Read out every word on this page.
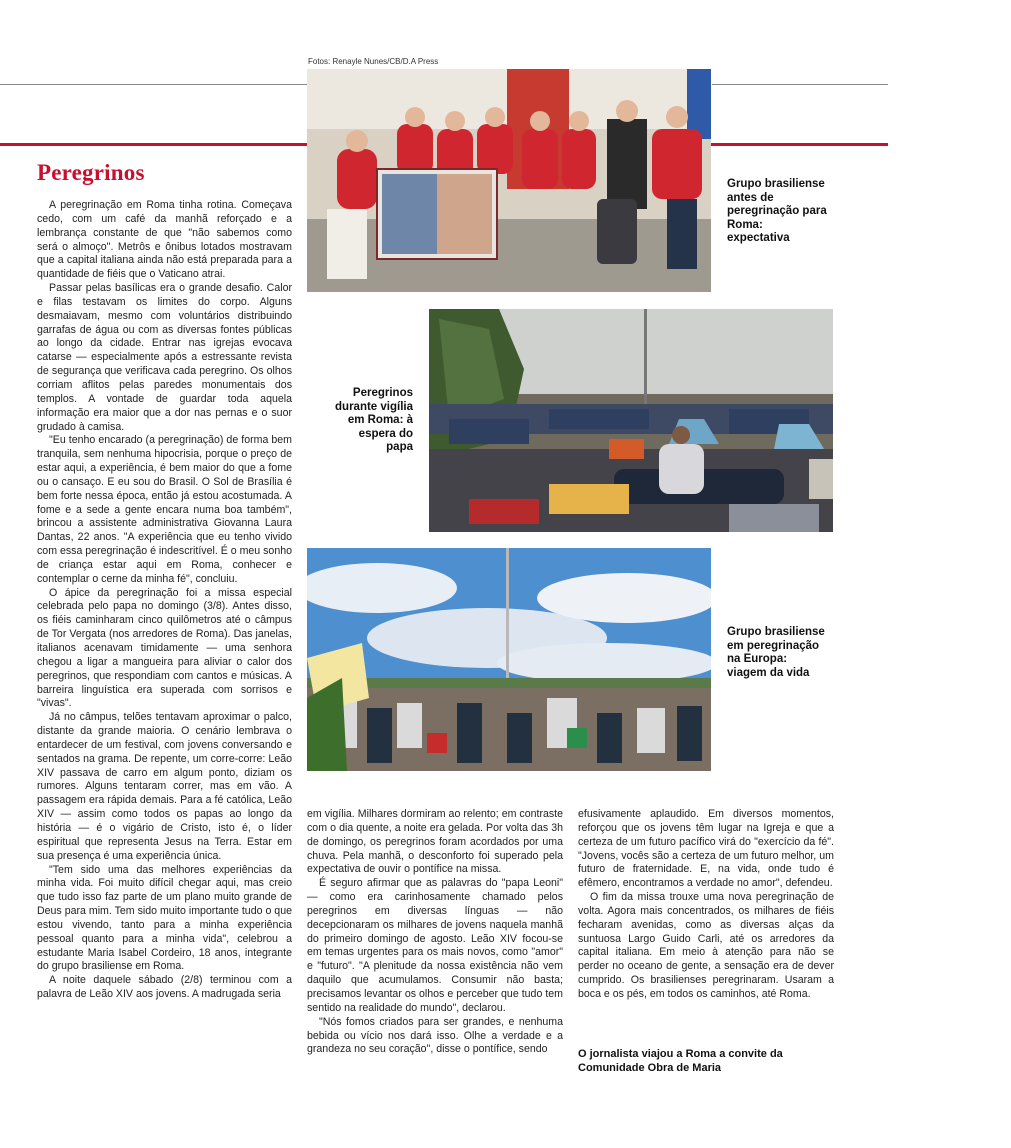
Fotos: Renayle Nunes/CB/D.A Press
Grupo brasiliense antes de peregrinação para Roma: expectativa
Peregrinos durante vigília em Roma: à espera do papa
Grupo brasiliense em peregrinação na Europa: viagem da vida
Peregrinos

A peregrinação em Roma tinha rotina. Começava cedo, com um café da manhã reforçado e a lembrança constante de que "não sabemos como será o almoço". Metrôs e ônibus lotados mostravam que a capital italiana ainda não está preparada para a quantidade de fiéis que o Vaticano atrai.

Passar pelas basílicas era o grande desafio. Calor e filas testavam os limites do corpo. Alguns desmaiavam, mesmo com voluntários distribuindo garrafas de água ou com as diversas fontes públicas ao longo da cidade. Entrar nas igrejas evocava catarse — especialmente após a estressante revista de segurança que verificava cada peregrino. Os olhos corriam aflitos pelas paredes monumentais dos templos. A vontade de guardar toda aquela informação era maior que a dor nas pernas e o suor grudado à camisa.

"Eu tenho encarado (a peregrinação) de forma bem tranquila, sem nenhuma hipocrisia, porque o preço de estar aqui, a experiência, é bem maior do que a fome ou o cansaço. E eu sou do Brasil. O Sol de Brasília é bem forte nessa época, então já estou acostumada. A fome e a sede a gente encara numa boa também", brincou a assistente administrativa Giovanna Laura Dantas, 22 anos. "A experiência que eu tenho vivido com essa peregrinação é indescritível. É o meu sonho de criança estar aqui em Roma, conhecer e contemplar o cerne da minha fé", concluiu.

O ápice da peregrinação foi a missa especial celebrada pelo papa no domingo (3/8). Antes disso, os fiéis caminharam cinco quilômetros até o câmpus de Tor Vergata (nos arredores de Roma). Das janelas, italianos acenavam timidamente — uma senhora chegou a ligar a mangueira para aliviar o calor dos peregrinos, que respondiam com cantos e músicas. A barreira linguística era superada com sorrisos e "vivas".

Já no câmpus, telões tentavam aproximar o palco, distante da grande maioria. O cenário lembrava o entardecer de um festival, com jovens conversando e sentados na grama. De repente, um corre-corre: Leão XIV passava de carro em algum ponto, diziam os rumores. Alguns tentaram correr, mas em vão. A passagem era rápida demais. Para a fé católica, Leão XIV — assim como todos os papas ao longo da história — é o vigário de Cristo, isto é, o líder espiritual que representa Jesus na Terra. Estar em sua presença é uma experiência única.

"Tem sido uma das melhores experiências da minha vida. Foi muito difícil chegar aqui, mas creio que tudo isso faz parte de um plano muito grande de Deus para mim. Tem sido muito importante tudo o que estou vivendo, tanto para a minha experiência pessoal quanto para a minha vida", celebrou a estudante Maria Isabel Cordeiro, 18 anos, integrante do grupo brasiliense em Roma.

A noite daquele sábado (2/8) terminou com a palavra de Leão XIV aos jovens. A madrugada seria

em vigília. Milhares dormiram ao relento; em contraste com o dia quente, a noite era gelada. Por volta das 3h de domingo, os peregrinos foram acordados por uma chuva. Pela manhã, o desconforto foi superado pela expectativa de ouvir o pontífice na missa.

É seguro afirmar que as palavras do "papa Leoni" — como era carinhosamente chamado pelos peregrinos em diversas línguas — não decepcionaram os milhares de jovens naquela manhã do primeiro domingo de agosto. Leão XIV focou-se em temas urgentes para os mais novos, como "amor" e "futuro". "A plenitude da nossa existência não vem daquilo que acumulamos. Consumir não basta; precisamos levantar os olhos e perceber que tudo tem sentido na realidade do mundo", declarou.

"Nós fomos criados para ser grandes, e nenhuma bebida ou vício nos dará isso. Olhe a verdade e a grandeza no seu coração", disse o pontífice, sendo

efusivamente aplaudido. Em diversos momentos, reforçou que os jovens têm lugar na Igreja e que a certeza de um futuro pacífico virá do "exercício da fé". "Jovens, vocês são a certeza de um futuro melhor, um futuro de fraternidade. E, na vida, onde tudo é efêmero, encontramos a verdade no amor", defendeu.

O fim da missa trouxe uma nova peregrinação de volta. Agora mais concentrados, os milhares de fiéis fecharam avenidas, como as diversas alças da suntuosa Largo Guido Carli, até os arredores da capital italiana. Em meio à atenção para não se perder no oceano de gente, a sensação era de dever cumprido. Os brasilienses peregrinaram. Usaram a boca e os pés, em todos os caminhos, até Roma.

O jornalista viajou a Roma a convite da Comunidade Obra de Maria
